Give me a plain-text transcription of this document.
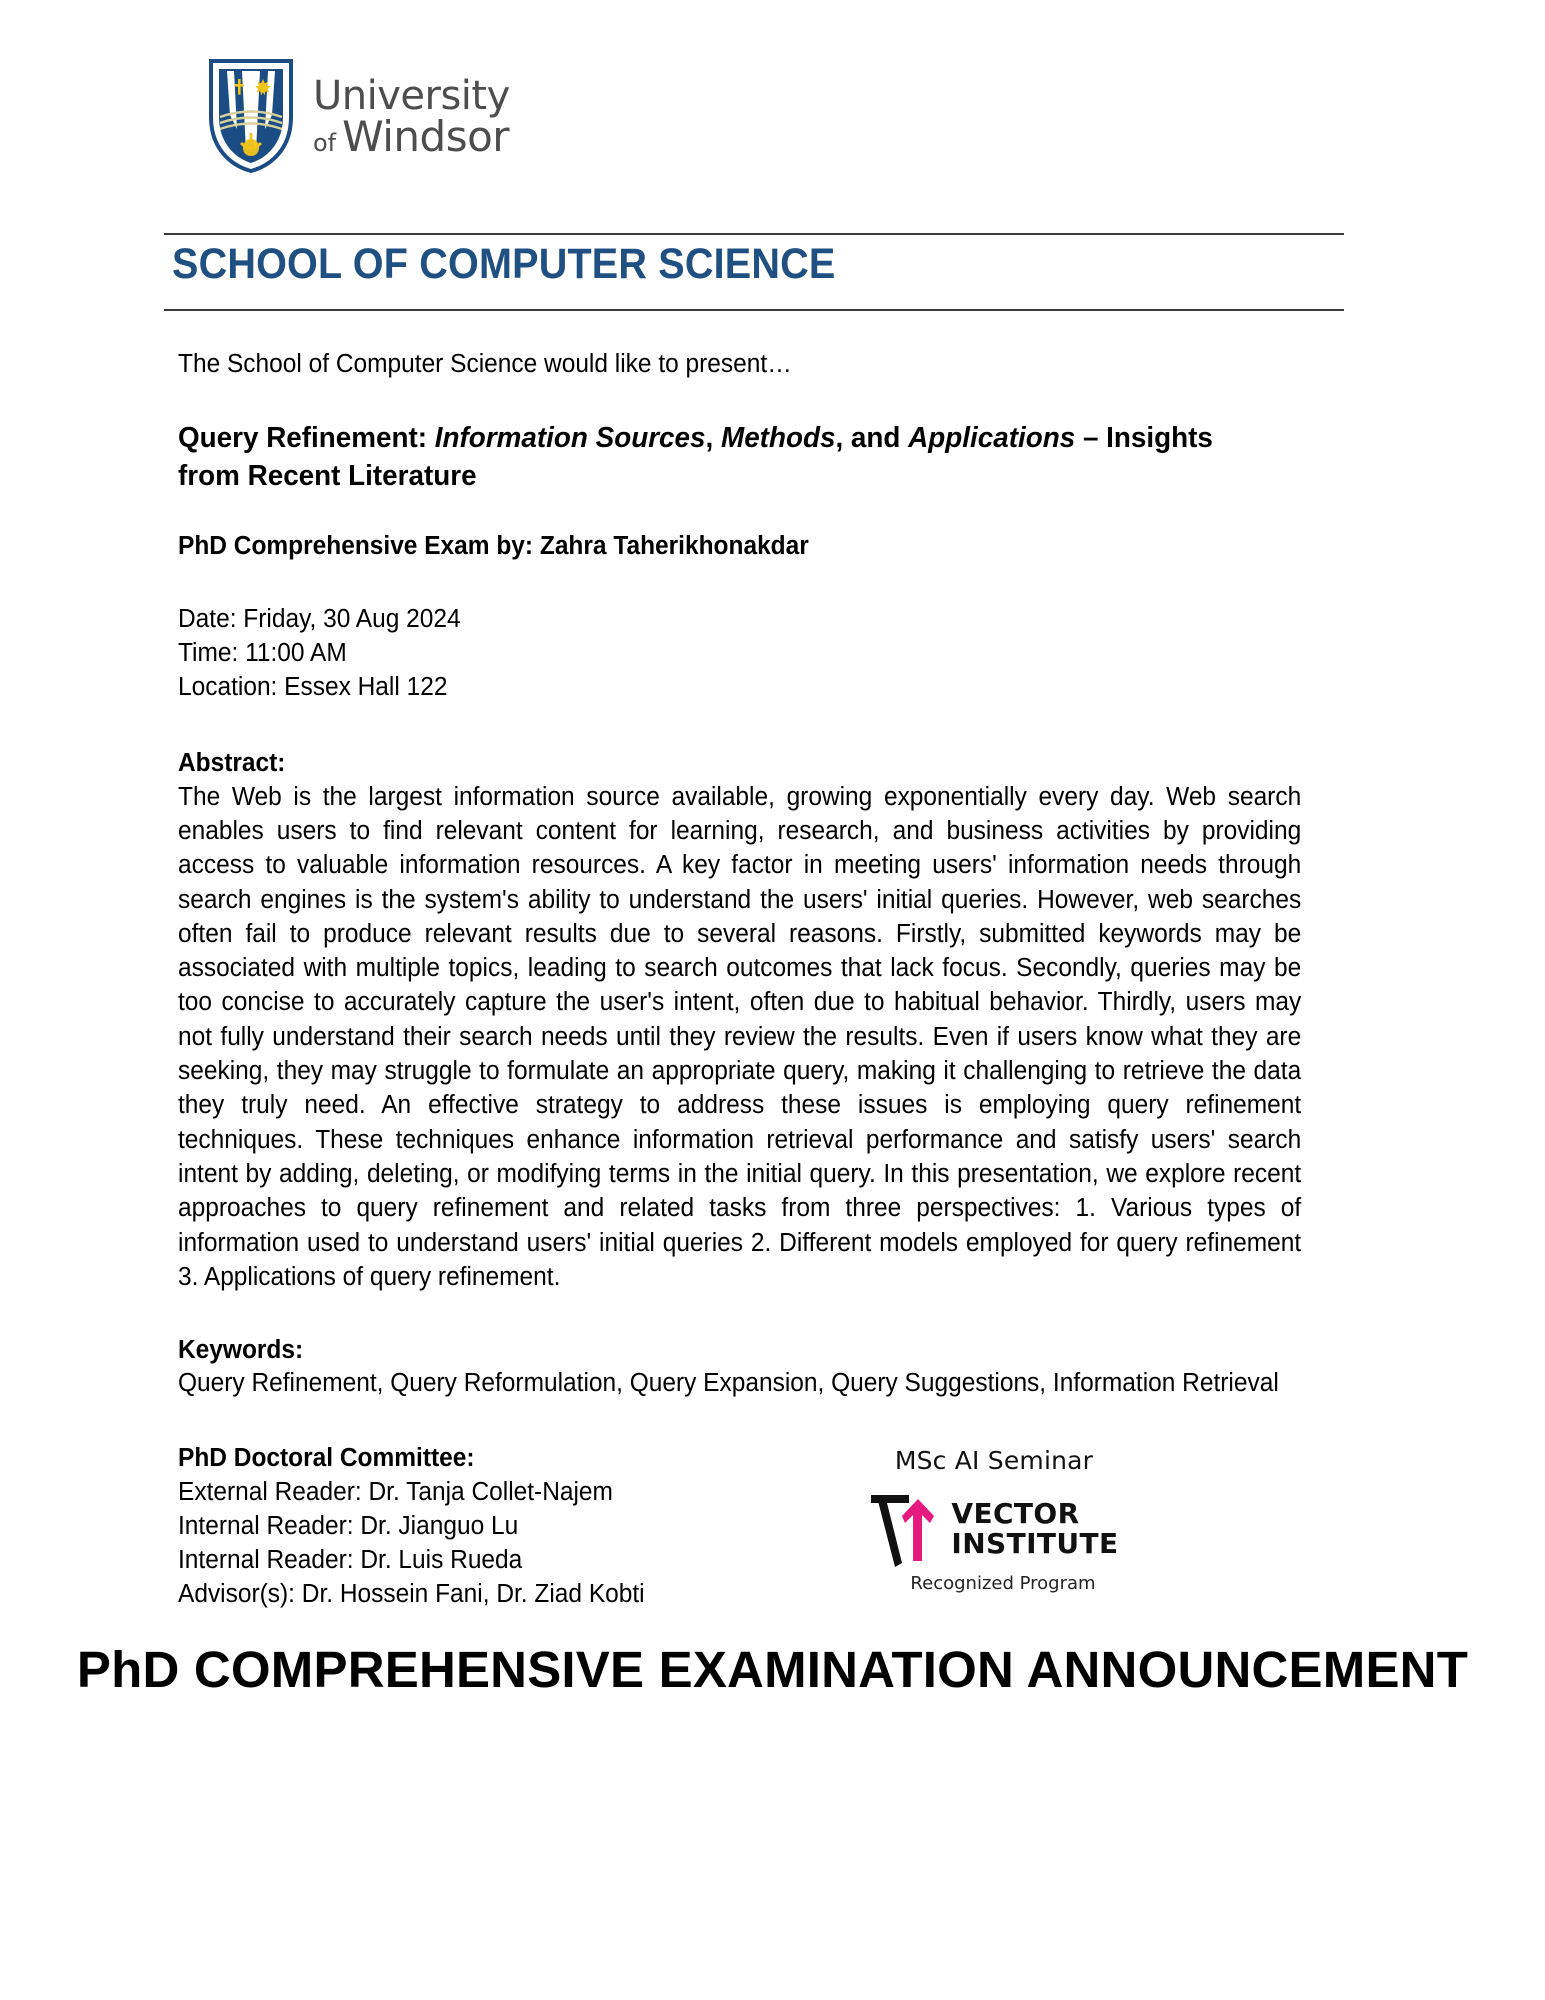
University
of Windsor
SCHOOL OF COMPUTER SCIENCE

The School of Computer Science would like to present…

Query Refinement: Information Sources, Methods, and Applications – Insights from Recent Literature

PhD Comprehensive Exam by: Zahra Taherikhonakdar

Date: Friday, 30 Aug 2024
Time: 11:00 AM
Location: Essex Hall 122

Abstract:

The Web is the largest information source available, growing exponentially every day. Web search enables users to find relevant content for learning, research, and business activities by providing access to valuable information resources. A key factor in meeting users' information needs through search engines is the system's ability to understand the users' initial queries. However, web searches often fail to produce relevant results due to several reasons. Firstly, submitted keywords may be associated with multiple topics, leading to search outcomes that lack focus. Secondly, queries may be too concise to accurately capture the user's intent, often due to habitual behavior. Thirdly, users may not fully understand their search needs until they review the results. Even if users know what they are seeking, they may struggle to formulate an appropriate query, making it challenging to retrieve the data they truly need. An effective strategy to address these issues is employing query refinement techniques. These techniques enhance information retrieval performance and satisfy users' search intent by adding, deleting, or modifying terms in the initial query. In this presentation, we explore recent approaches to query refinement and related tasks from three perspectives: 1. Various types of information used to understand users' initial queries 2. Different models employed for query refinement 3. Applications of query refinement.

Keywords:

Query Refinement, Query Reformulation, Query Expansion, Query Suggestions, Information Retrieval

PhD Doctoral Committee:
External Reader: Dr. Tanja Collet-Najem
Internal Reader: Dr. Jianguo Lu
Internal Reader: Dr. Luis Rueda
Advisor(s): Dr. Hossein Fani, Dr. Ziad Kobti
MSc AI Seminar
VECTOR
INSTITUTE
Recognized Program
PhD COMPREHENSIVE EXAMINATION ANNOUNCEMENT
